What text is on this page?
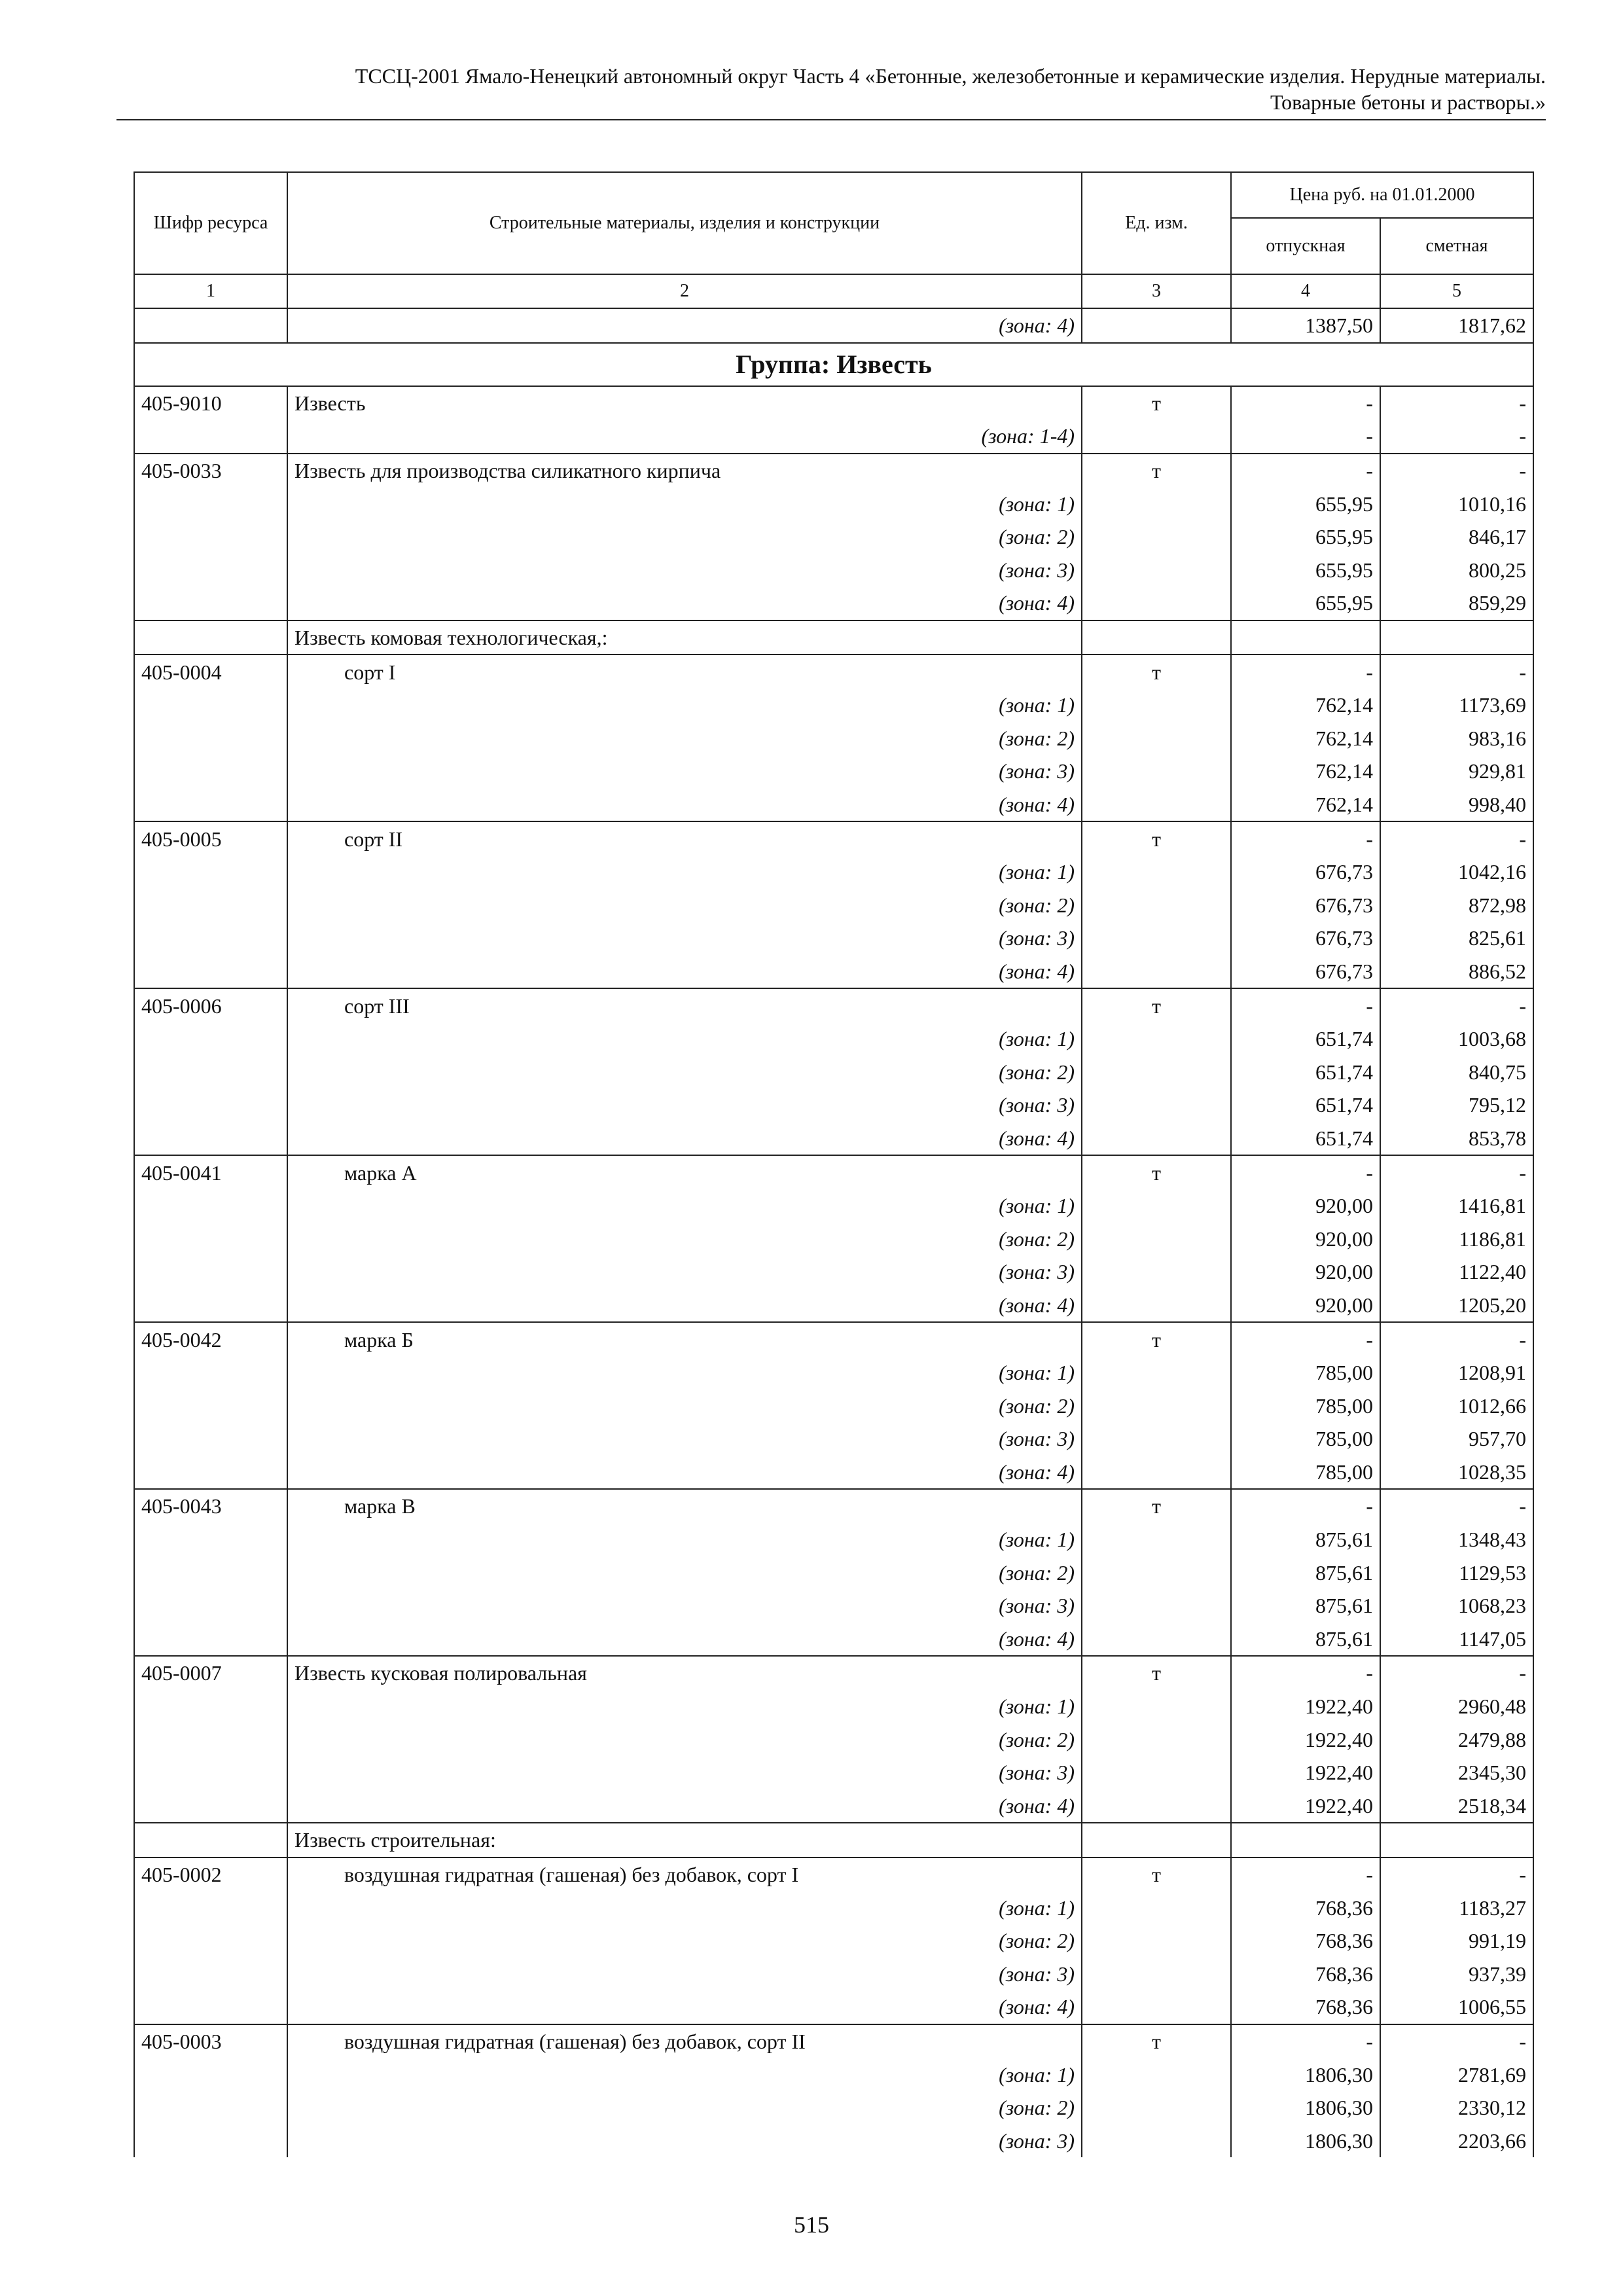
ТССЦ-2001 Ямало-Ненецкий автономный округ Часть 4 «Бетонные, железобетонные и керамические изделия. Нерудные материалы.
Товарные бетоны и растворы.»
Шифр ресурса	Строительные материалы, изделия и конструкции	Ед. изм.	Цена руб. на 01.01.2000	
			отпускная	сметная
1	2	3	4	5
	(зона: 4)		1387,50	1817,62
Группа: Известь				
405-9010	Известь	т	-	-
	(зона: 1-4)		-	-
405-0033	Известь для производства силикатного кирпича	т	-	-
	(зона: 1)		655,95	1010,16
	(зона: 2)		655,95	846,17
	(зона: 3)		655,95	800,25
	(зона: 4)		655,95	859,29
	Известь комовая технологическая,:			
405-0004	сорт I	т	-	-
	(зона: 1)		762,14	1173,69
	(зона: 2)		762,14	983,16
	(зона: 3)		762,14	929,81
	(зона: 4)		762,14	998,40
405-0005	сорт II	т	-	-
	(зона: 1)		676,73	1042,16
	(зона: 2)		676,73	872,98
	(зона: 3)		676,73	825,61
	(зона: 4)		676,73	886,52
405-0006	сорт III	т	-	-
	(зона: 1)		651,74	1003,68
	(зона: 2)		651,74	840,75
	(зона: 3)		651,74	795,12
	(зона: 4)		651,74	853,78
405-0041	марка А	т	-	-
	(зона: 1)		920,00	1416,81
	(зона: 2)		920,00	1186,81
	(зона: 3)		920,00	1122,40
	(зона: 4)		920,00	1205,20
405-0042	марка Б	т	-	-
	(зона: 1)		785,00	1208,91
	(зона: 2)		785,00	1012,66
	(зона: 3)		785,00	957,70
	(зона: 4)		785,00	1028,35
405-0043	марка В	т	-	-
	(зона: 1)		875,61	1348,43
	(зона: 2)		875,61	1129,53
	(зона: 3)		875,61	1068,23
	(зона: 4)		875,61	1147,05
405-0007	Известь кусковая полировальная	т	-	-
	(зона: 1)		1922,40	2960,48
	(зона: 2)		1922,40	2479,88
	(зона: 3)		1922,40	2345,30
	(зона: 4)		1922,40	2518,34
	Известь строительная:			
405-0002	воздушная гидратная (гашеная) без добавок, сорт I	т	-	-
	(зона: 1)		768,36	1183,27
	(зона: 2)		768,36	991,19
	(зона: 3)		768,36	937,39
	(зона: 4)		768,36	1006,55
405-0003	воздушная гидратная (гашеная) без добавок, сорт II	т	-	-
	(зона: 1)		1806,30	2781,69
	(зона: 2)		1806,30	2330,12
	(зона: 3)		1806,30	2203,66
515
